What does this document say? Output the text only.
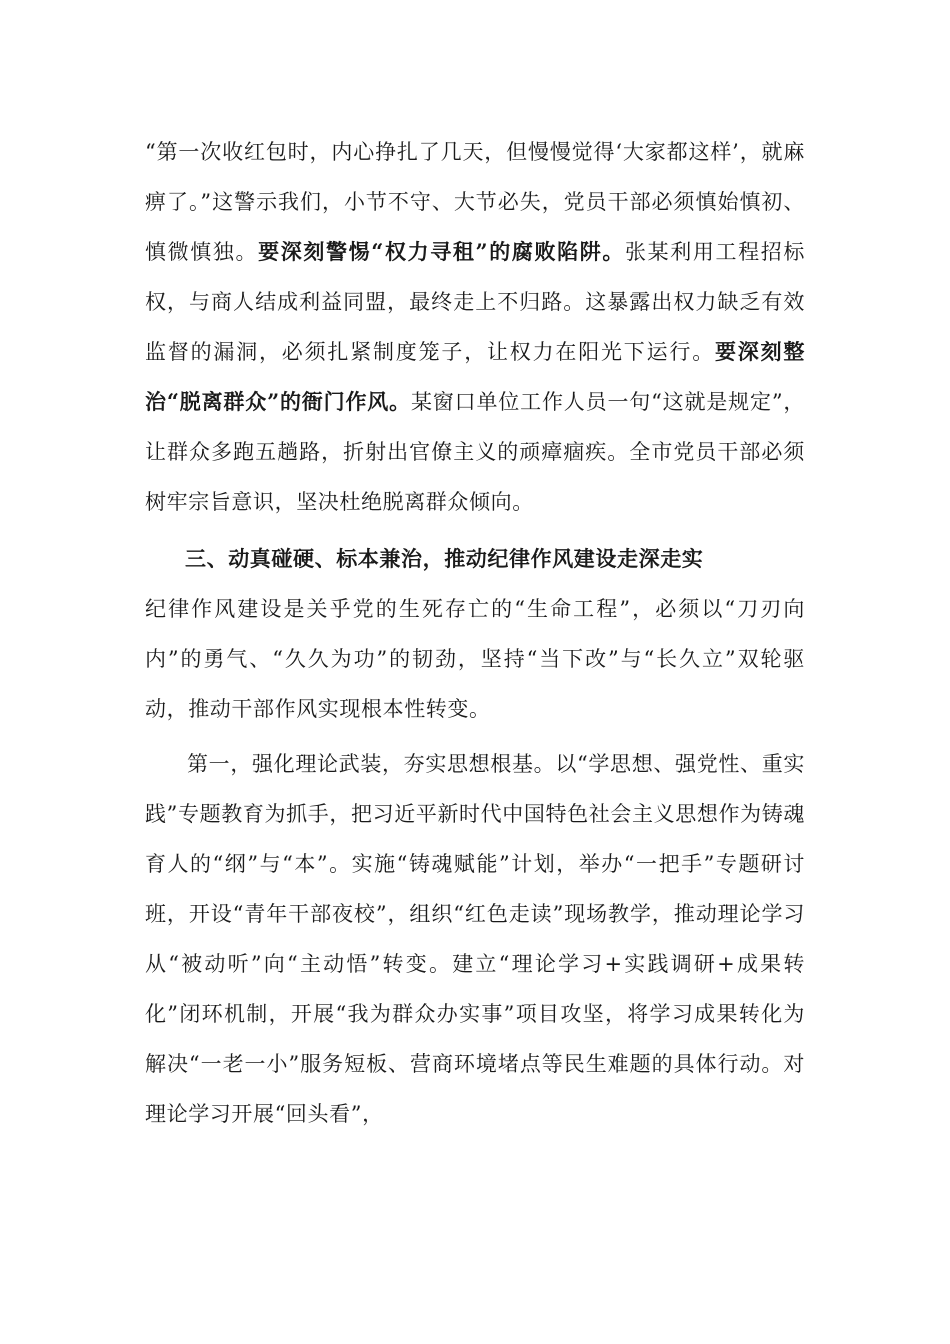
“第一次收红包时，内心挣扎了几天，但慢慢觉得‘大家都这样’，就麻痹了。”这警示我们，小节不守、大节必失，党员干部必须慎始慎初、慎微慎独。要深刻警惕“权力寻租”的腐败陷阱。张某利用工程招标权，与商人结成利益同盟，最终走上不归路。这暴露出权力缺乏有效监督的漏洞，必须扎紧制度笼子，让权力在阳光下运行。要深刻整治“脱离群众”的衙门作风。某窗口单位工作人员一句“这就是规定”，让群众多跑五趟路，折射出官僚主义的顽瘴痼疾。全市党员干部必须树牢宗旨意识，坚决杜绝脱离群众倾向。

三、动真碰硬、标本兼治，推动纪律作风建设走深走实

纪律作风建设是关乎党的生死存亡的“生命工程”，必须以“刀刃向内”的勇气、“久久为功”的韧劲，坚持“当下改”与“长久立”双轮驱动，推动干部作风实现根本性转变。

第一，强化理论武装，夯实思想根基。以“学思想、强党性、重实践”专题教育为抓手，把习近平新时代中国特色社会主义思想作为铸魂育人的“纲”与“本”。实施“铸魂赋能”计划，举办“一把手”专题研讨班，开设“青年干部夜校”，组织“红色走读”现场教学，推动理论学习从“被动听”向“主动悟”转变。建立“理论学习+实践调研+成果转化”闭环机制，开展“我为群众办实事”项目攻坚，将学习成果转化为解决“一老一小”服务短板、营商环境堵点等民生难题的具体行动。对理论学习开展“回头看”，
